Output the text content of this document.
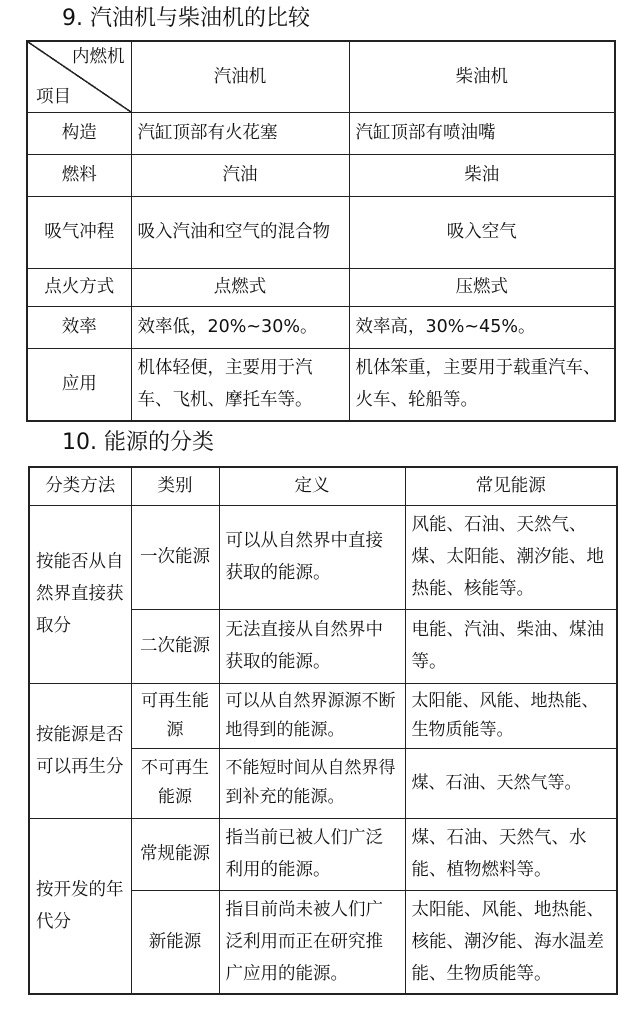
9. 汽油机与柴油机的比较
内燃机
项目	汽油机	柴油机
构造	汽缸顶部有火花塞	汽缸顶部有喷油嘴
燃料	汽油	柴油
吸气冲程	吸入汽油和空气的混合物	吸入空气
点火方式	点燃式	压燃式
效率	效率低，20%~30%。	效率高，30%~45%。
应用	机体轻便，主要用于汽车、飞机、摩托车等。	机体笨重，主要用于载重汽车、火车、轮船等。
10. 能源的分类
分类方法	类别	定义	常见能源
按能否从自然界直接获取分	一次能源	可以从自然界中直接获取的能源。	风能、石油、天然气、煤、太阳能、潮汐能、地热能、核能等。
	二次能源	无法直接从自然界中获取的能源。	电能、汽油、柴油、煤油等。
按能源是否可以再生分	可再生能源	可以从自然界源源不断地得到的能源。	太阳能、风能、地热能、生物质能等。
	不可再生能源	不能短时间从自然界得到补充的能源。	煤、石油、天然气等。
按开发的年代分	常规能源	指当前已被人们广泛利用的能源。	煤、石油、天然气、水能、植物燃料等。
	新能源	指目前尚未被人们广泛利用而正在研究推广应用的能源。	太阳能、风能、地热能、核能、潮汐能、海水温差能、生物质能等。
